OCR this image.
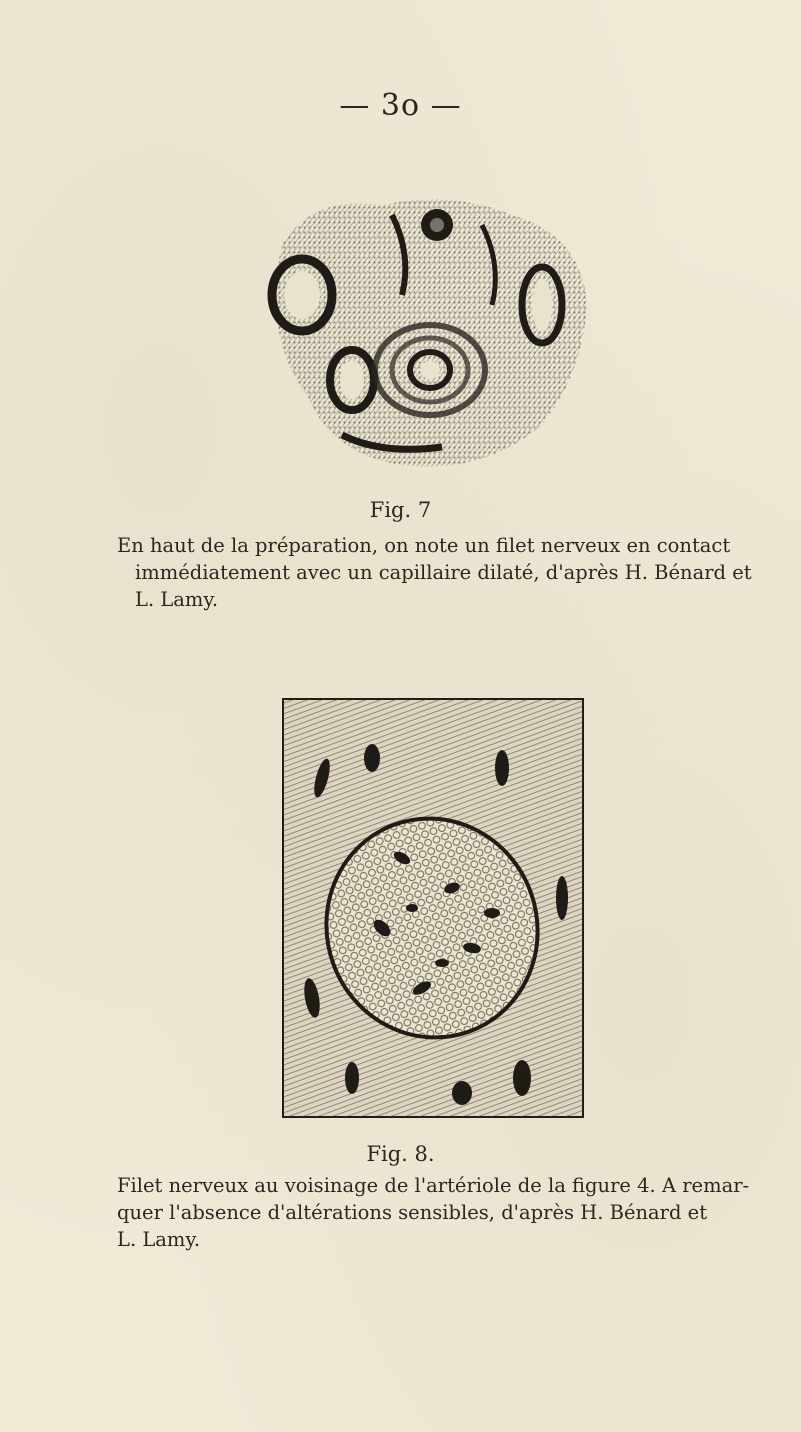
— 3o —
Fig. 7

En haut de la préparation, on note un filet nerveux en contact
immédiatement avec un capillaire dilaté, d'après H. Bénard et
L. Lamy.

Fig. 8.

Filet nerveux au voisinage de l'artériole de la figure 4. A remar-
quer l'absence d'altérations sensibles, d'après H. Bénard et
L. Lamy.
